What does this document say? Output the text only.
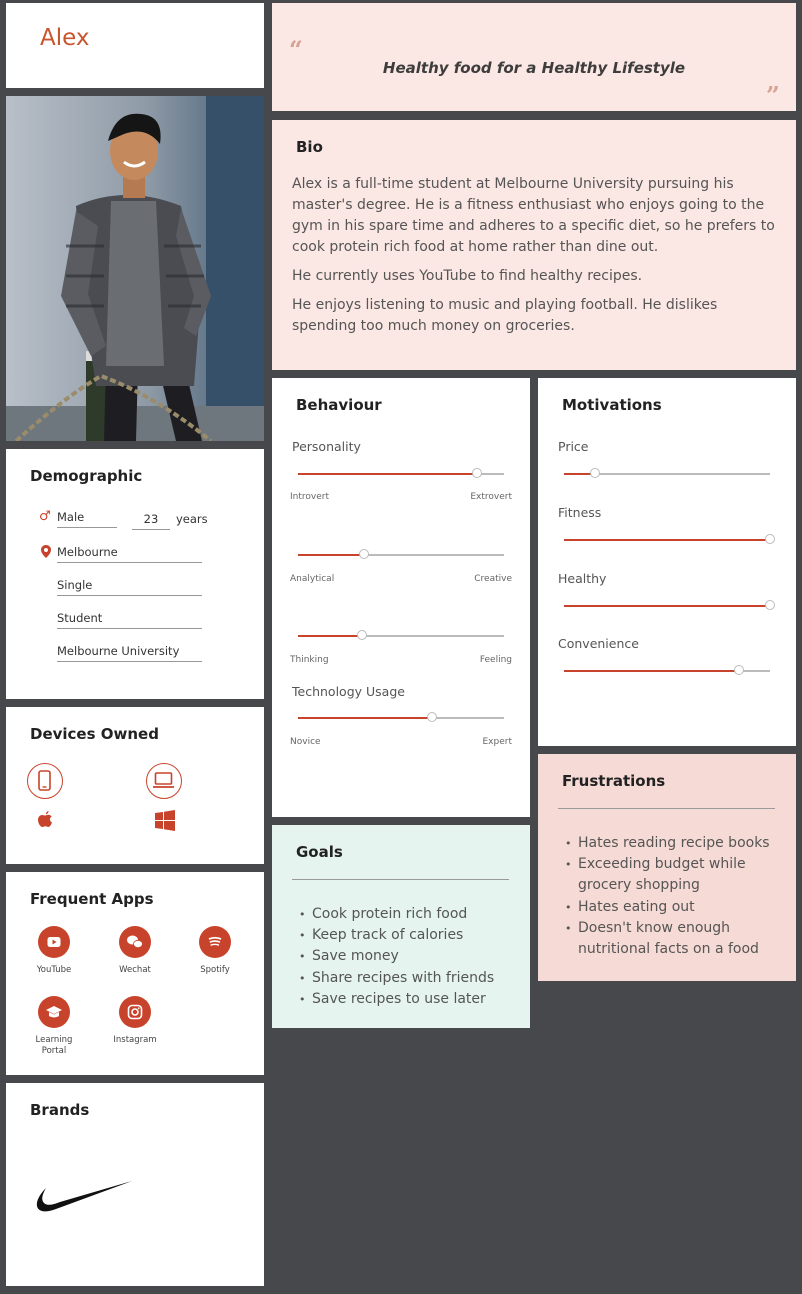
Alex	“
Healthy food for a Healthy Lifestyle
”
Bio

Alex is a full-time student at Melbourne University pursuing his master's degree. He is a fitness enthusiast who enjoys going to the gym in his spare time and adheres to a specific diet, so he prefers to cook protein rich food at home rather than dine out.

He currently uses YouTube to find healthy recipes.

He enjoys listening to music and playing football. He dislikes spending too much money on groceries.

Demographic
♂ Male	23	years
Melbourne
Single
Student
Melbourne University
Devices Owned
Frequent Apps
YouTube	Wechat	Spotify
Learning Portal
Instagram
Brands
Behaviour
Personality
Introvert	Extrovert
Analytical	Creative
Thinking	Feeling
Technology Usage
Novice	Expert
Motivations
Price
Fitness
Healthy
Convenience
Goals
• Cook protein rich food
• Keep track of calories
• Save money
• Share recipes with friends
• Save recipes to use later
Frustrations
• Hates reading recipe books
• Exceeding budget while grocery shopping
• Hates eating out
• Doesn't know enough nutritional facts on a food
